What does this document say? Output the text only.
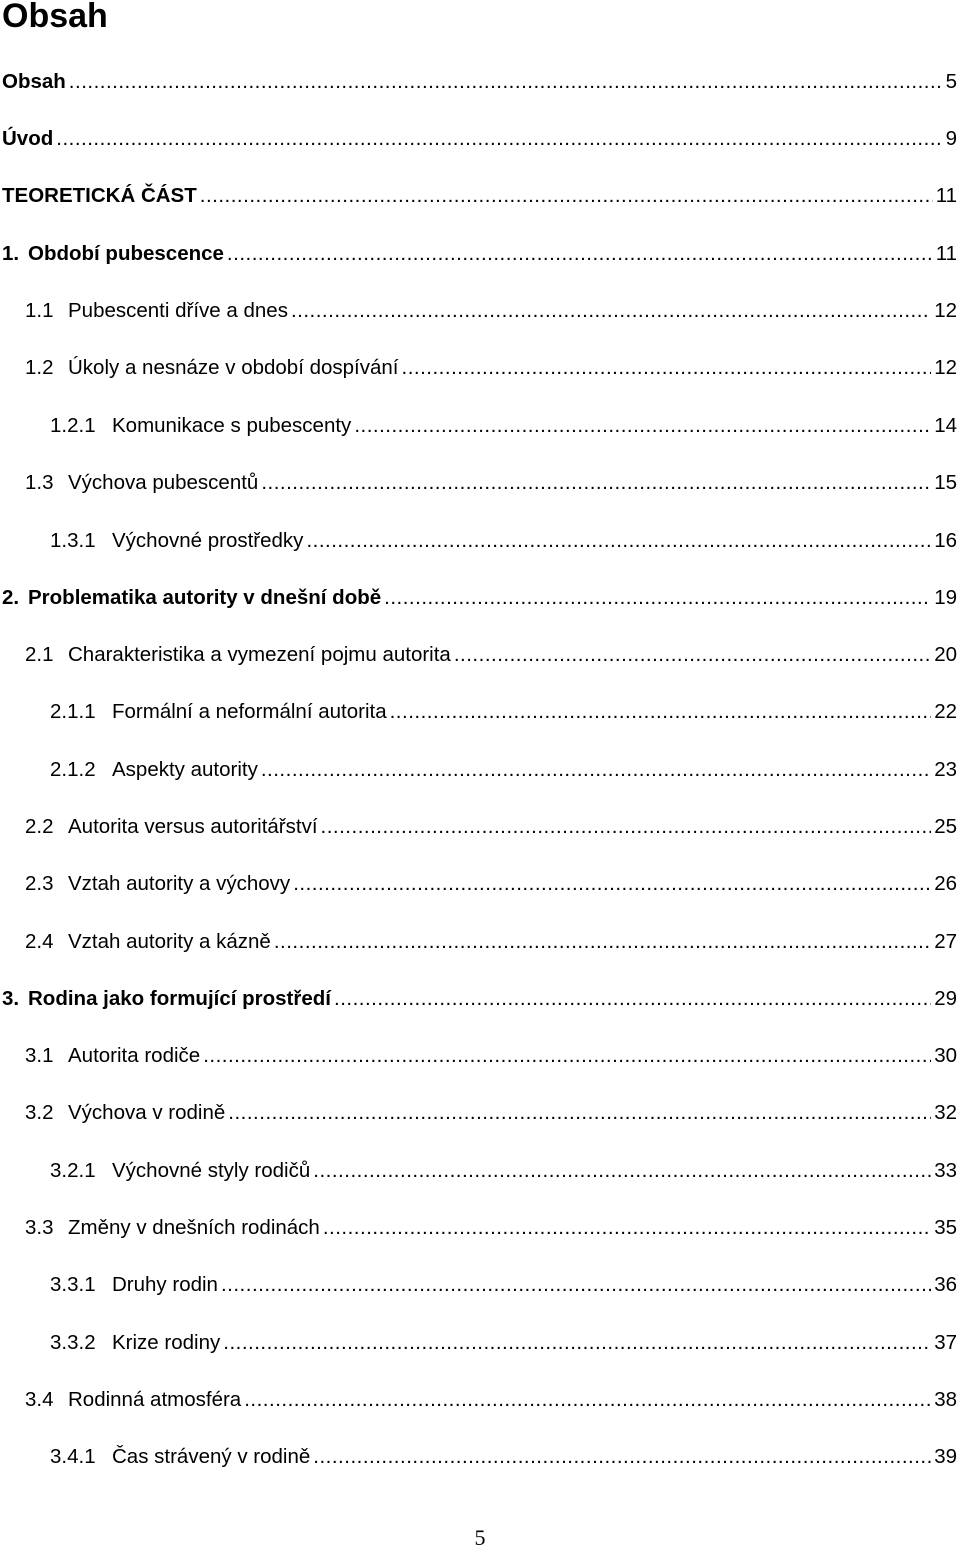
Obsah
Obsah .....	5
Úvod .....	9
TEORETICKÁ ČÁST .....	11
1. Období pubescence .....	11
1.1 Pubescenti dříve a dnes .....	12
1.2 Úkoly a nesnáze v období dospívání .....	12
1.2.1 Komunikace s pubescenty .....	14
1.3 Výchova pubescentů .....	15
1.3.1 Výchovné prostředky .....	16
2. Problematika autority v dnešní době .....	19
2.1 Charakteristika a vymezení pojmu autorita .....	20
2.1.1 Formální a neformální autorita .....	22
2.1.2 Aspekty autority .....	23
2.2 Autorita versus autoritářství .....	25
2.3 Vztah autority a výchovy .....	26
2.4 Vztah autority a kázně .....	27
3. Rodina jako formující prostředí .....	29
3.1 Autorita rodiče .....	30
3.2 Výchova v rodině .....	32
3.2.1 Výchovné styly rodičů .....	33
3.3 Změny v dnešních rodinách .....	35
3.3.1 Druhy rodin .....	36
3.3.2 Krize rodiny .....	37
3.4 Rodinná atmosféra .....	38
3.4.1 Čas strávený v rodině .....	39
5
